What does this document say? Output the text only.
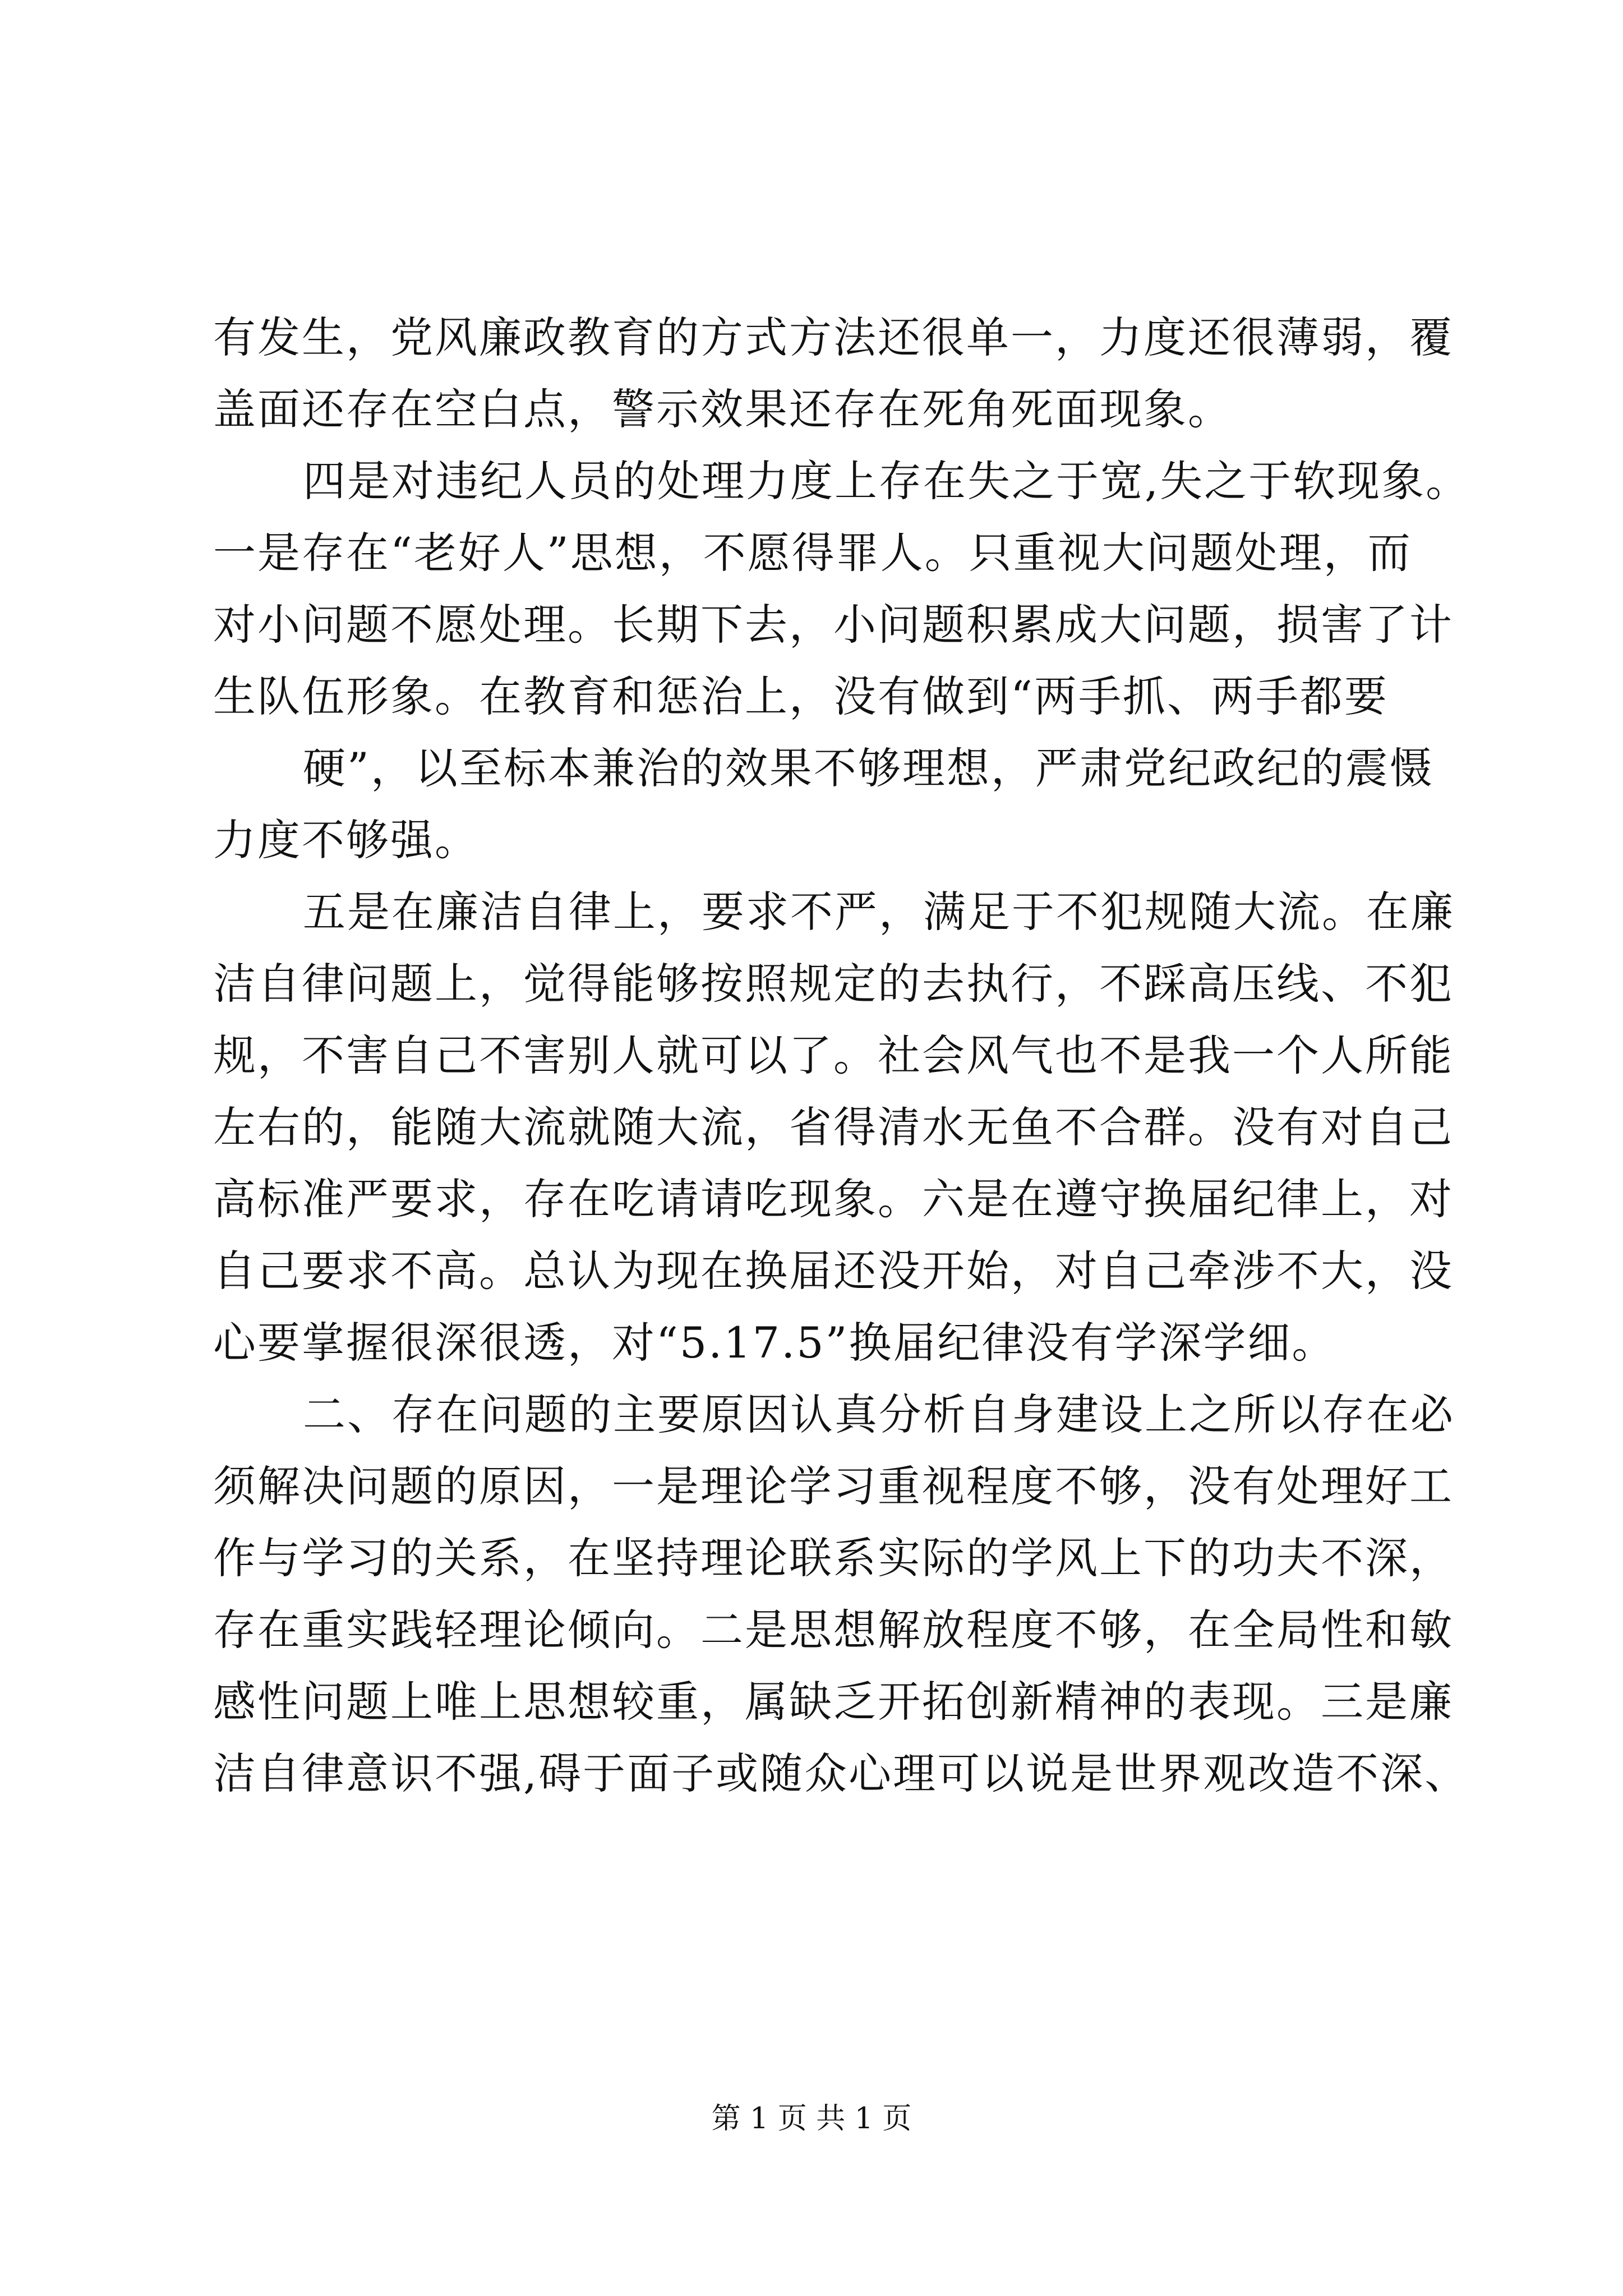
有发生，党风廉政教育的方式方法还很单一，力度还很薄弱，覆
盖面还存在空白点，警示效果还存在死角死面现象。
四是对违纪人员的处理力度上存在失之于宽,失之于软现象。
一是存在“老好人”思想，不愿得罪人。只重视大问题处理，而
对小问题不愿处理。长期下去，小问题积累成大问题，损害了计
生队伍形象。在教育和惩治上，没有做到“两手抓、两手都要
硬”，以至标本兼治的效果不够理想，严肃党纪政纪的震慑
力度不够强。
五是在廉洁自律上，要求不严，满足于不犯规随大流。在廉
洁自律问题上，觉得能够按照规定的去执行，不踩高压线、不犯
规，不害自己不害别人就可以了。社会风气也不是我一个人所能
左右的，能随大流就随大流，省得清水无鱼不合群。没有对自己
高标准严要求，存在吃请请吃现象。六是在遵守换届纪律上，对
自己要求不高。总认为现在换届还没开始，对自己牵涉不大，没
心要掌握很深很透，对“5.17.5”换届纪律没有学深学细。
二、存在问题的主要原因认真分析自身建设上之所以存在必
须解决问题的原因，一是理论学习重视程度不够，没有处理好工
作与学习的关系，在坚持理论联系实际的学风上下的功夫不深，
存在重实践轻理论倾向。二是思想解放程度不够，在全局性和敏
感性问题上唯上思想较重，属缺乏开拓创新精神的表现。三是廉
洁自律意识不强,碍于面子或随众心理可以说是世界观改造不深、
第 1 页 共 1 页
